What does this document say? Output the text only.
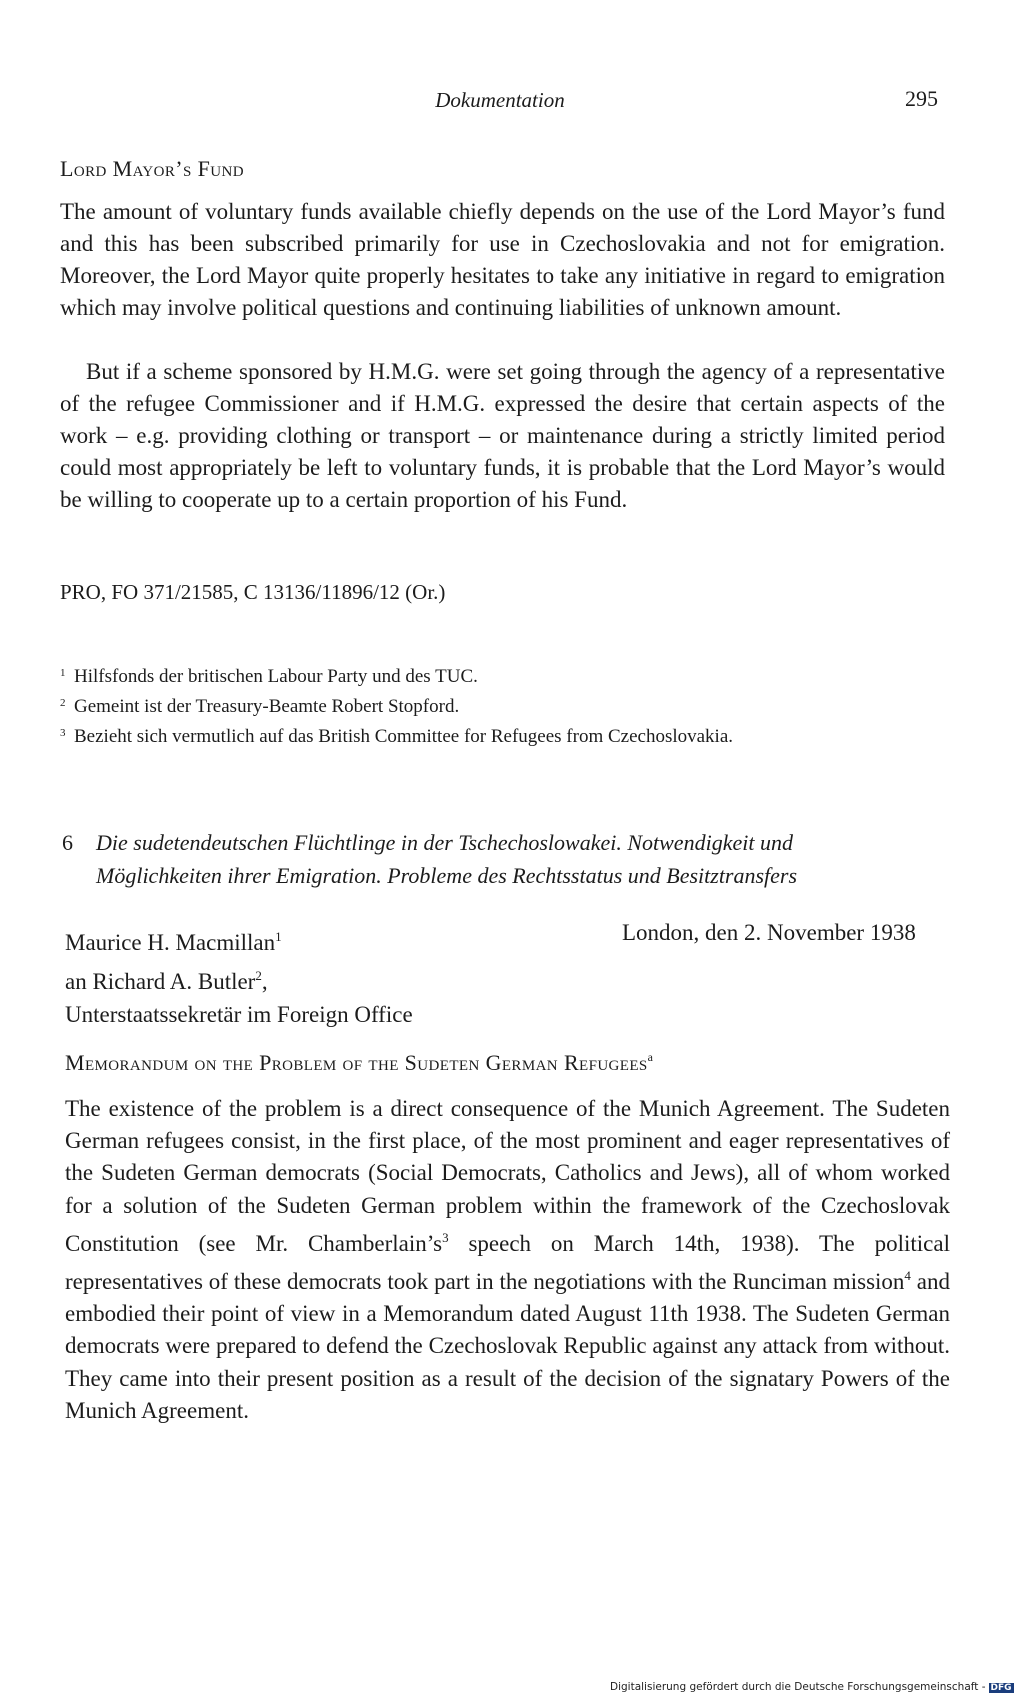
Dokumentation	295
Lord Mayor’s Fund
The amount of voluntary funds available chiefly depends on the use of the Lord Mayor’s fund and this has been subscribed primarily for use in Czechoslovakia and not for emigration. Moreover, the Lord Mayor quite properly hesitates to take any initiative in regard to emigration which may involve political questions and continuing liabilities of unknown amount.
But if a scheme sponsored by H.M.G. were set going through the agency of a representative of the refugee Commissioner and if H.M.G. expressed the desire that certain aspects of the work – e.g. providing clothing or transport – or maintenance during a strictly limited period could most appropriately be left to voluntary funds, it is probable that the Lord Mayor’s would be willing to cooperate up to a certain proportion of his Fund.
PRO, FO 371/21585, C 13136/11896/12 (Or.)
$^1$ Hilfsfonds der britischen Labour Party und des TUC.
$^2$ Gemeint ist der Treasury-Beamte Robert Stopford.
$^3$ Bezieht sich vermutlich auf das British Committee for Refugees from Czechoslovakia.
6	Die sudetendeutschen Flüchtlinge in der Tschechoslowakei. Notwendigkeit und
Möglichkeiten ihrer Emigration. Probleme des Rechtsstatus und Besitztransfers
Maurice H. Macmillan$^1$
an Richard A. Butler$^2$,
Unterstaatssekretär im Foreign Office
London, den 2. November 1938
Memorandum on the Problem of the Sudeten German Refugees$^a$
The existence of the problem is a direct consequence of the Munich Agreement. The Sudeten German refugees consist, in the first place, of the most prominent and eager representatives of the Sudeten German democrats (Social Democrats, Catholics and Jews), all of whom worked for a solution of the Sudeten German problem within the framework of the Czechoslovak Constitution (see Mr. $Chamberlain’s^3$ speech on March 14th, 1938). The political representatives of these democrats took part in the negotiations with the Runciman mission$^4$ and embodied their point of view in a Memorandum dated August 11th 1938. The Sudeten German democrats were prepared to defend the Czechoslovak Republic against any attack from without. They came into their present position as a result of the decision of the signatary Powers of the Munich Agreement.
Digitalisierung gefördert durch die Deutsche Forschungsgemeinschaft - DFG
